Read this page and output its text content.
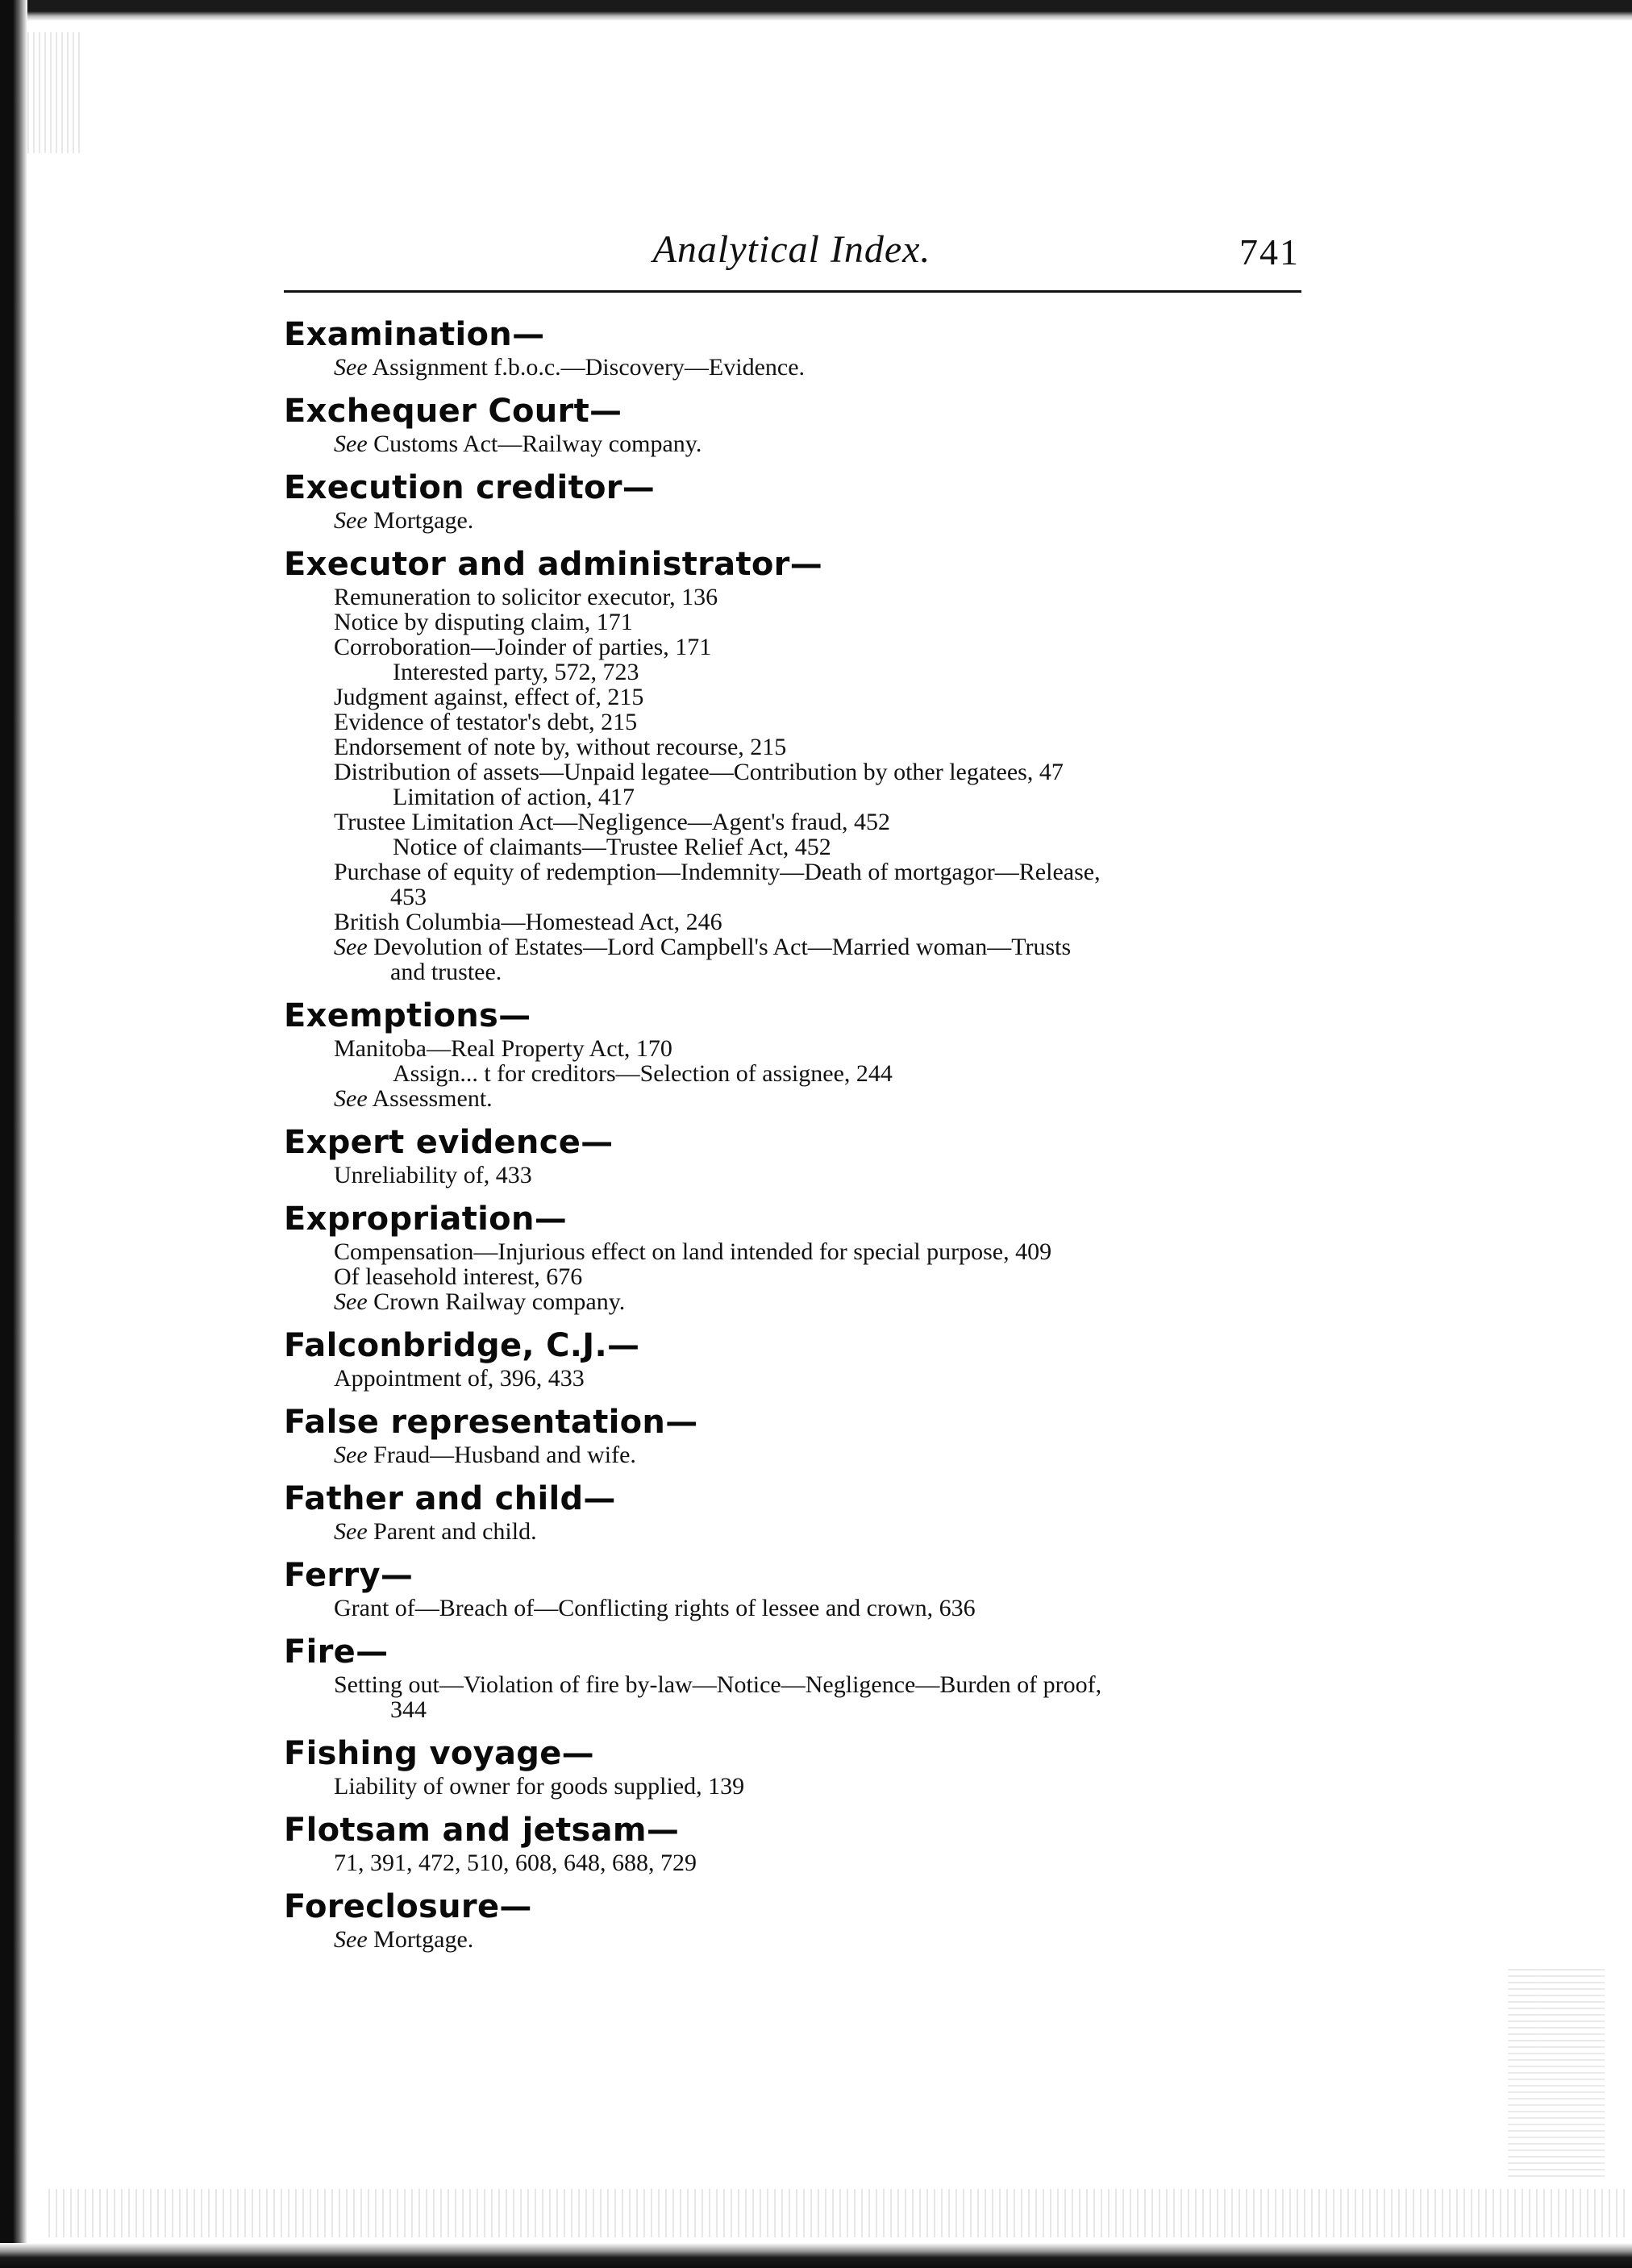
Analytical Index.	741
Examination—
See Assignment f.b.o.c.—Discovery—Evidence.
Exchequer Court—
See Customs Act—Railway company.
Execution creditor—
See Mortgage.
Executor and administrator—
Remuneration to solicitor executor, 136
Notice by disputing claim, 171
Corroboration—Joinder of parties, 171
Interested party, 572, 723
Judgment against, effect of, 215
Evidence of testator's debt, 215
Endorsement of note by, without recourse, 215
Distribution of assets—Unpaid legatee—Contribution by other legatees, 47
Limitation of action, 417
Trustee Limitation Act—Negligence—Agent's fraud, 452
Notice of claimants—Trustee Relief Act, 452
Purchase of equity of redemption—Indemnity—Death of mortgagor—Release,
453
British Columbia—Homestead Act, 246
See Devolution of Estates—Lord Campbell's Act—Married woman—Trusts
and trustee.
Exemptions—
Manitoba—Real Property Act, 170
Assign... t for creditors—Selection of assignee, 244
See Assessment.
Expert evidence—
Unreliability of, 433
Expropriation—
Compensation—Injurious effect on land intended for special purpose, 409
Of leasehold interest, 676
See Crown Railway company.
Falconbridge, C.J.—
Appointment of, 396, 433
False representation—
See Fraud—Husband and wife.
Father and child—
See Parent and child.
Ferry—
Grant of—Breach of—Conflicting rights of lessee and crown, 636
Fire—
Setting out—Violation of fire by-law—Notice—Negligence—Burden of proof,
344
Fishing voyage—
Liability of owner for goods supplied, 139
Flotsam and jetsam—
71, 391, 472, 510, 608, 648, 688, 729
Foreclosure—
See Mortgage.
